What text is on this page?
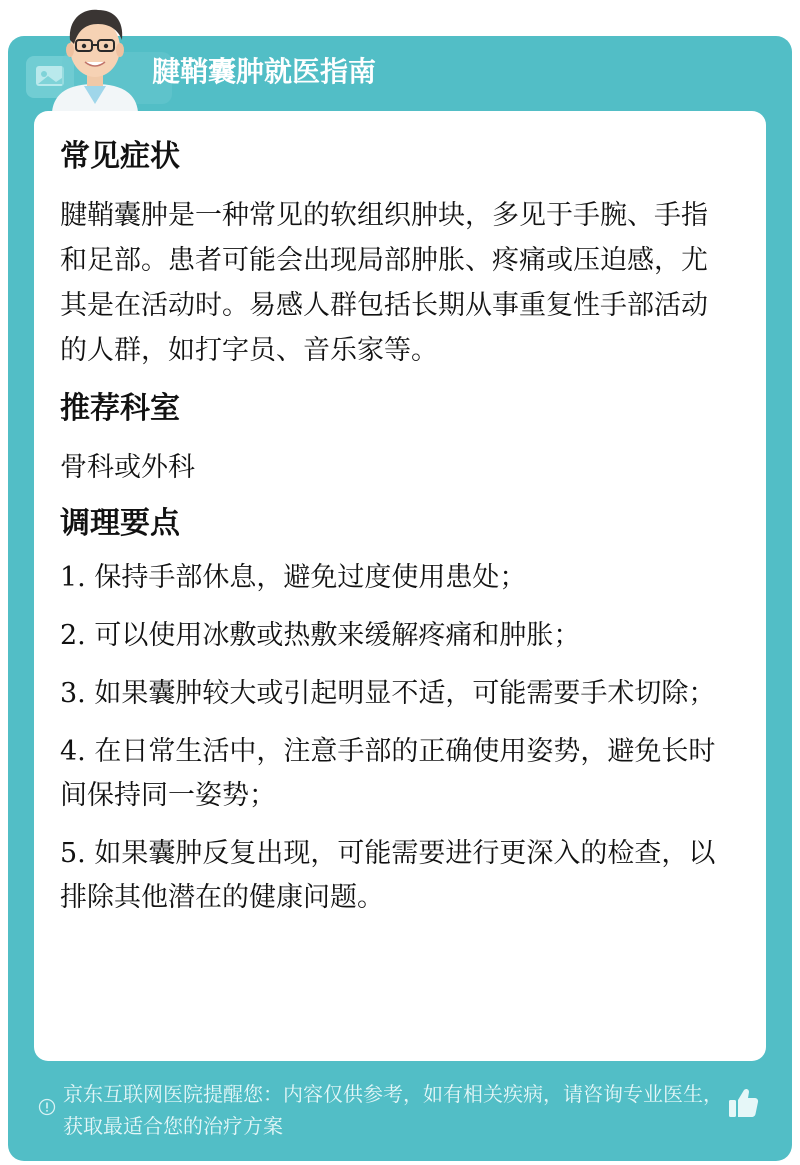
腱鞘囊肿就医指南
常见症状

腱鞘囊肿是一种常见的软组织肿块，多见于手腕、手指和足部。患者可能会出现局部肿胀、疼痛或压迫感，尤其是在活动时。易感人群包括长期从事重复性手部活动的人群，如打字员、音乐家等。

推荐科室

骨科或外科

调理要点
1. 保持手部休息，避免过度使用患处；
2. 可以使用冰敷或热敷来缓解疼痛和肿胀；
3. 如果囊肿较大或引起明显不适，可能需要手术切除；
4. 在日常生活中，注意手部的正确使用姿势，避免长时间保持同一姿势；
5. 如果囊肿反复出现，可能需要进行更深入的检查，以排除其他潜在的健康问题。
京东互联网医院提醒您：内容仅供参考，如有相关疾病，请咨询专业医生，获取最适合您的治疗方案
